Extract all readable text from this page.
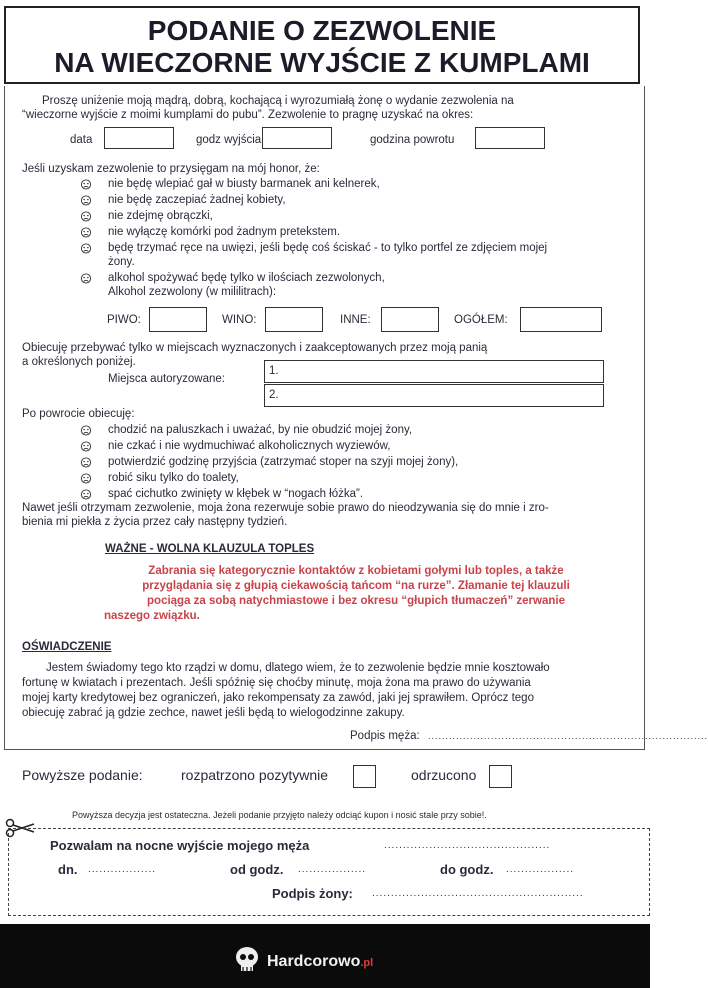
PODANIE O ZEZWOLENIE
NA WIECZORNE WYJŚCIE Z KUMPLAMI
Proszę uniżenie moją mądrą, dobrą, kochającą i wyrozumiałą żonę o wydanie zezwolenia na
“wieczorne wyjście z moimi kumplami do pubu”. Zezwolenie to pragnę uzyskać na okres:
data	godz wyjścia	godzina powrotu
Jeśli uzyskam zezwolenie to przysięgam na mój honor, że:
nie będę wlepiać gał w biusty barmanek ani kelnerek,
nie będę zaczepiać żadnej kobiety,
nie zdejmę obrączki,
nie wyłączę komórki pod żadnym pretekstem.
będę trzymać ręce na uwięzi, jeśli będę coś ściskać - to tylko portfel ze zdjęciem mojej
żony.
alkohol spożywać będę tylko w ilościach zezwolonych,
Alkohol zezwolony (w mililitrach):
PIWO:	WINO:	INNE:	OGÓŁEM:
Obiecuję przebywać tylko w miejscach wyznaczonych i zaakceptowanych przez moją panią
a określonych poniżej.
Miejsca autoryzowane:
1.
2.
Po powrocie obiecuję:
chodzić na paluszkach i uważać, by nie obudzić mojej żony,
nie czkać i nie wydmuchiwać alkoholicznych wyziewów,
potwierdzić godzinę przyjścia (zatrzymać stoper na szyji mojej żony),
robić siku tylko do toalety,
spać cichutko zwinięty w kłębek w “nogach łóżka”.
Nawet jeśli otrzymam zezwolenie, moja żona rezerwuje sobie prawo do nieodzywania się do mnie i zro-
bienia mi piekła z życia przez cały następny tydzień.
WAŻNE - WOLNA KLAUZULA TOPLES
Zabrania się kategorycznie kontaktów z kobietami gołymi lub toples, a także
przyglądania się z głupią ciekawością tańcom “na rurze”. Złamanie tej klauzuli
pociąga za sobą natychmiastowe i bez okresu “głupich tłumaczeń” zerwanie
naszego związku.
OŚWIADCZENIE
Jestem świadomy tego kto rządzi w domu, dlatego wiem, że to zezwolenie będzie mnie kosztowało
fortunę w kwiatach i prezentach. Jeśli spóźnię się choćby minutę, moja żona ma prawo do używania
mojej karty kredytowej bez ograniczeń, jako rekompensaty za zawód, jaki jej sprawiłem. Oprócz tego
obiecuję zabrać ją gdzie zechce, nawet jeśli będą to wielogodzinne zakupy.
Podpis męża: ................................................................................
Powyższe podanie:	rozpatrzono pozytywnie	odrzucono
Powyższa decyzja jest ostateczna. Jeżeli podanie przyjęto należy odciąć kupon i nosić stale przy sobie!.
Pozwalam na nocne wyjście mojego męża	............................................
dn. ..................	od godz. ..................	do godz. ..................
Podpis żony: ........................................................
Hardcorowo.pl
